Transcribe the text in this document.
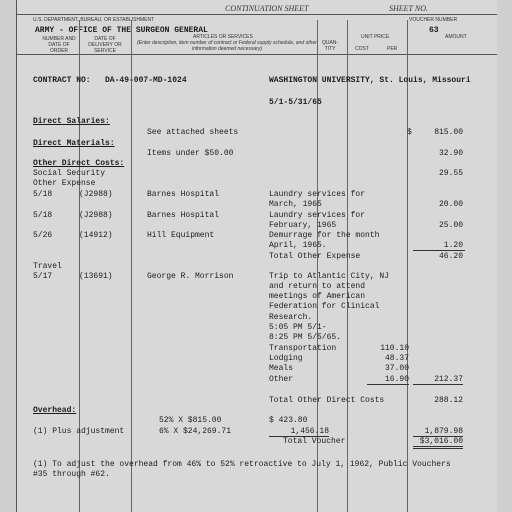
CONTINUATION SHEET	SHEET NO.
U.S. DEPARTMENT, BUREAU, OR ESTABLISHMENT	VOUCHER NUMBER
ARMY - OFFICE OF THE SURGEON GENERAL	63
NUMBER AND DATE OF ORDER
DATE OF DELIVERY OR SERVICE
ARTICLES OR SERVICES
(Enter description, item number of contract or Federal supply schedule, and other information deemed necessary)
QUAN-TITY
UNIT PRICE
COST	PER
AMOUNT
CONTRACT NO: DA-49-007-MD-1024	WASHINGTON UNIVERSITY, St. Louis, Missouri
5/1-5/31/65
Direct Salaries:
See attached sheets	$	815.00
Direct Materials:
Items under $50.00	32.90
Other Direct Costs:
Social Security	29.55
Other Expense
5/18	(J2988)	Barnes Hospital	Laundry services for
March, 1965	20.00
5/18	(J2988)	Barnes Hospital	Laundry services for
February, 1965	25.00
5/26	(14912)	Hill Equipment	Demurrage for the month
April, 1965.	1.20
Total Other Expense	46.20
Travel
5/17	(13691)	George R. Morrison	Trip to Atlantic City, NJ
and return to attend
meetings of American
Federation for Clinical
Research.
5:05 PM 5/1-
8:25 PM 5/5/65.
Transportation	110.10
Lodging	48.37
Meals	37.00
Other	16.90	212.37
Total Other Direct Costs	288.12
Overhead:
52% X $815.00	$ 423.80
(1) Plus adjustment	6% X $24,269.71	1,456.18	1,879.98
Total Voucher	$3,016.00
(1) To adjust the overhead from 46% to 52% retroactive to July 1, 1962, Public Vouchers
#35 through #62.
